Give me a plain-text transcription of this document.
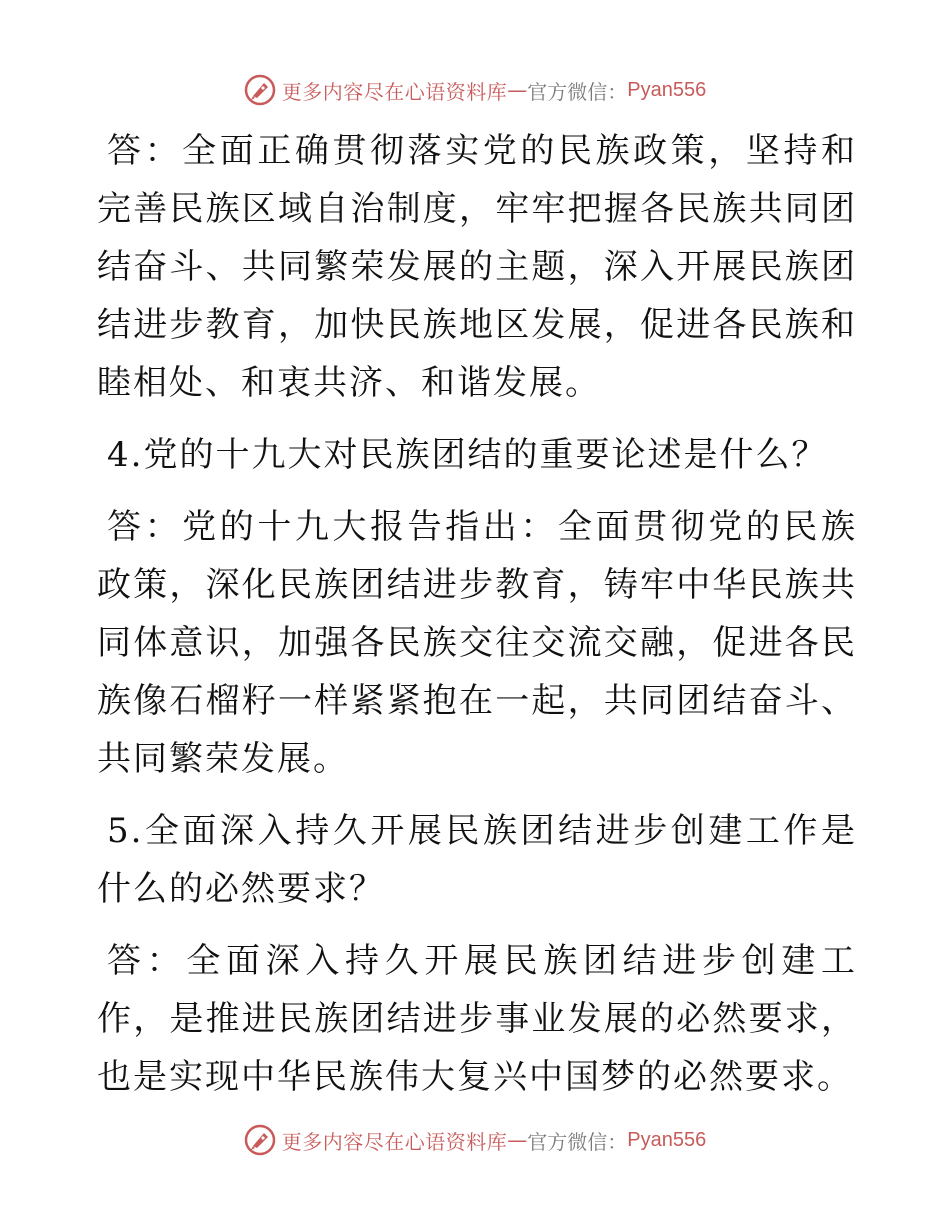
更多内容尽在心语资料库 — 官方微信： Pyan556

答：全面正确贯彻落实党的民族政策，坚持和完善民族区域自治制度，牢牢把握各民族共同团结奋斗、共同繁荣发展的主题，深入开展民族团结进步教育，加快民族地区发展，促进各民族和睦相处、和衷共济、和谐发展。

4.党的十九大对民族团结的重要论述是什么？

答：党的十九大报告指出：全面贯彻党的民族政策，深化民族团结进步教育，铸牢中华民族共同体意识，加强各民族交往交流交融，促进各民族像石榴籽一样紧紧抱在一起，共同团结奋斗、共同繁荣发展。

5.全面深入持久开展民族团结进步创建工作是什么的必然要求？

答：全面深入持久开展民族团结进步创建工作，是推进民族团结进步事业发展的必然要求，也是实现中华民族伟大复兴中国梦的必然要求。

更多内容尽在心语资料库 — 官方微信： Pyan556
